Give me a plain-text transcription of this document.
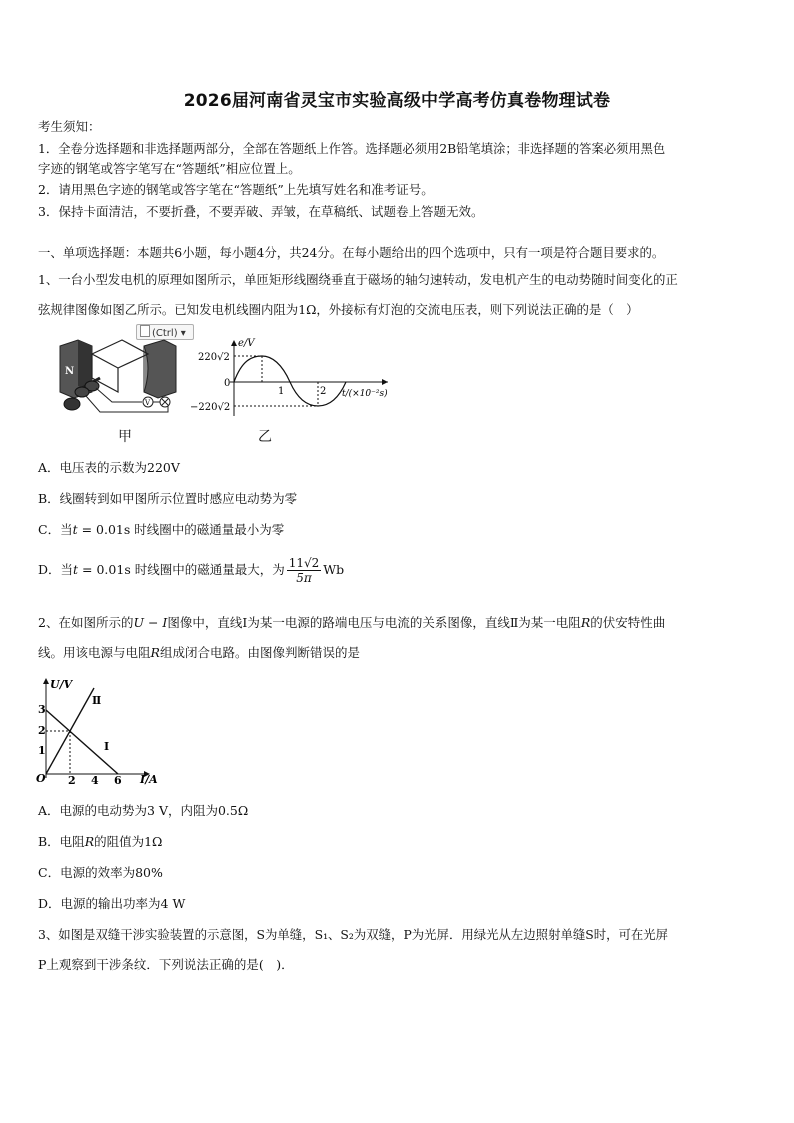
2026届河南省灵宝市实验高级中学高考仿真卷物理试卷
考生须知：
1．全卷分选择题和非选择题两部分，全部在答题纸上作答。选择题必须用2B铅笔填涂；非选择题的答案必须用黑色
字迹的钢笔或答字笔写在“答题纸”相应位置上。
2．请用黑色字迹的钢笔或答字笔在“答题纸”上先填写姓名和准考证号。
3．保持卡面清洁，不要折叠，不要弄破、弄皱，在草稿纸、试题卷上答题无效。
一、单项选择题：本题共6小题，每小题4分，共24分。在每小题给出的四个选项中，只有一项是符合题目要求的。
1、一台小型发电机的原理如图所示，单匝矩形线圈绕垂直于磁场的轴匀速转动，发电机产生的电动势随时间变化的正
弦规律图像如图乙所示。已知发电机线圈内阻为1Ω，外接标有灯泡的交流电压表，则下列说法正确的是（　）
(Ctrl) ▾
N
V
e/V
220√2
−220√2
0
1	2 t/(×10⁻²s)
甲	乙
A．电压表的示数为220V
B．线圈转到如甲图所示位置时感应电动势为零
C．当t = 0.01s 时线圈中的磁通量最小为零
D．当t = 0.01s 时线圈中的磁通量最大，为 $\frac{11√2}{5\pi}$ Wb
2、在如图所示的U − I图像中，直线Ⅰ为某一电源的路端电压与电流的关系图像，直线Ⅱ为某一电阻R的伏安特性曲
线。用该电源与电阻R组成闭合电路。由图像判断错误的是
U/V
I/A
3
2
1
O 2 4 6
Ⅱ
Ⅰ
A．电源的电动势为3 V，内阻为0.5Ω
B．电阻R的阻值为1Ω
C．电源的效率为80%
D．电源的输出功率为4 W
3、如图是双缝干涉实验装置的示意图，S为单缝，S₁、S₂为双缝，P为光屏．用绿光从左边照射单缝S时，可在光屏
P上观察到干涉条纹．下列说法正确的是(　)．
